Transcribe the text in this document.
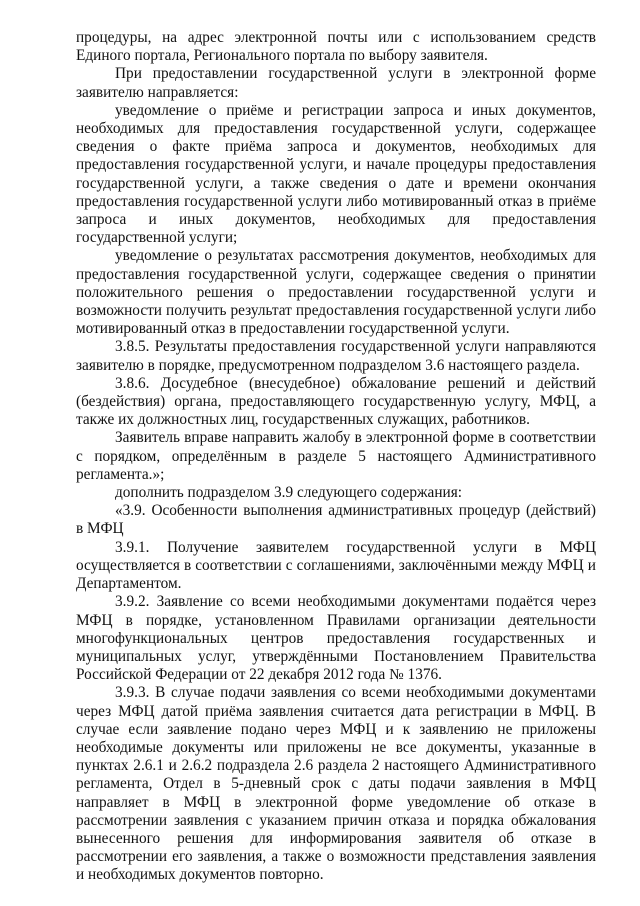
процедуры, на адрес электронной почты или с использованием средств Единого портала, Регионального портала по выбору заявителя.

При предоставлении государственной услуги в электронной форме заявителю направляется:

уведомление о приёме и регистрации запроса и иных документов, необходимых для предоставления государственной услуги, содержащее сведения о факте приёма запроса и документов, необходимых для предоставления государственной услуги, и начале процедуры предоставления государственной услуги, а также сведения о дате и времени окончания предоставления государственной услуги либо мотивированный отказ в приёме запроса и иных документов, необходимых для предоставления государственной услуги;

уведомление о результатах рассмотрения документов, необходимых для предоставления государственной услуги, содержащее сведения о принятии положительного решения о предоставлении государственной услуги и возможности получить результат предоставления государственной услуги либо мотивированный отказ в предоставлении государственной услуги.

3.8.5. Результаты предоставления государственной услуги направляются заявителю в порядке, предусмотренном подразделом 3.6 настоящего раздела.

3.8.6. Досудебное (внесудебное) обжалование решений и действий (бездействия) органа, предоставляющего государственную услугу, МФЦ, а также их должностных лиц, государственных служащих, работников.

Заявитель вправе направить жалобу в электронной форме в соответствии с порядком, определённым в разделе 5 настоящего Административного регламента.»;

дополнить подразделом 3.9 следующего содержания:

«3.9. Особенности выполнения административных процедур (действий) в МФЦ

3.9.1. Получение заявителем государственной услуги в МФЦ осуществляется в соответствии с соглашениями, заключёнными между МФЦ и Департаментом.

3.9.2. Заявление со всеми необходимыми документами подаётся через МФЦ в порядке, установленном Правилами организации деятельности многофункциональных центров предоставления государственных и муниципальных услуг, утверждёнными Постановлением Правительства Российской Федерации от 22 декабря 2012 года № 1376.

3.9.3. В случае подачи заявления со всеми необходимыми документами через МФЦ датой приёма заявления считается дата регистрации в МФЦ. В случае если заявление подано через МФЦ и к заявлению не приложены необходимые документы или приложены не все документы, указанные в пунктах 2.6.1 и 2.6.2 подраздела 2.6 раздела 2 настоящего Административного регламента, Отдел в 5-дневный срок с даты подачи заявления в МФЦ направляет в МФЦ в электронной форме уведомление об отказе в рассмотрении заявления с указанием причин отказа и порядка обжалования вынесенного решения для информирования заявителя об отказе в рассмотрении его заявления, а также о возможности представления заявления и необходимых документов повторно.
